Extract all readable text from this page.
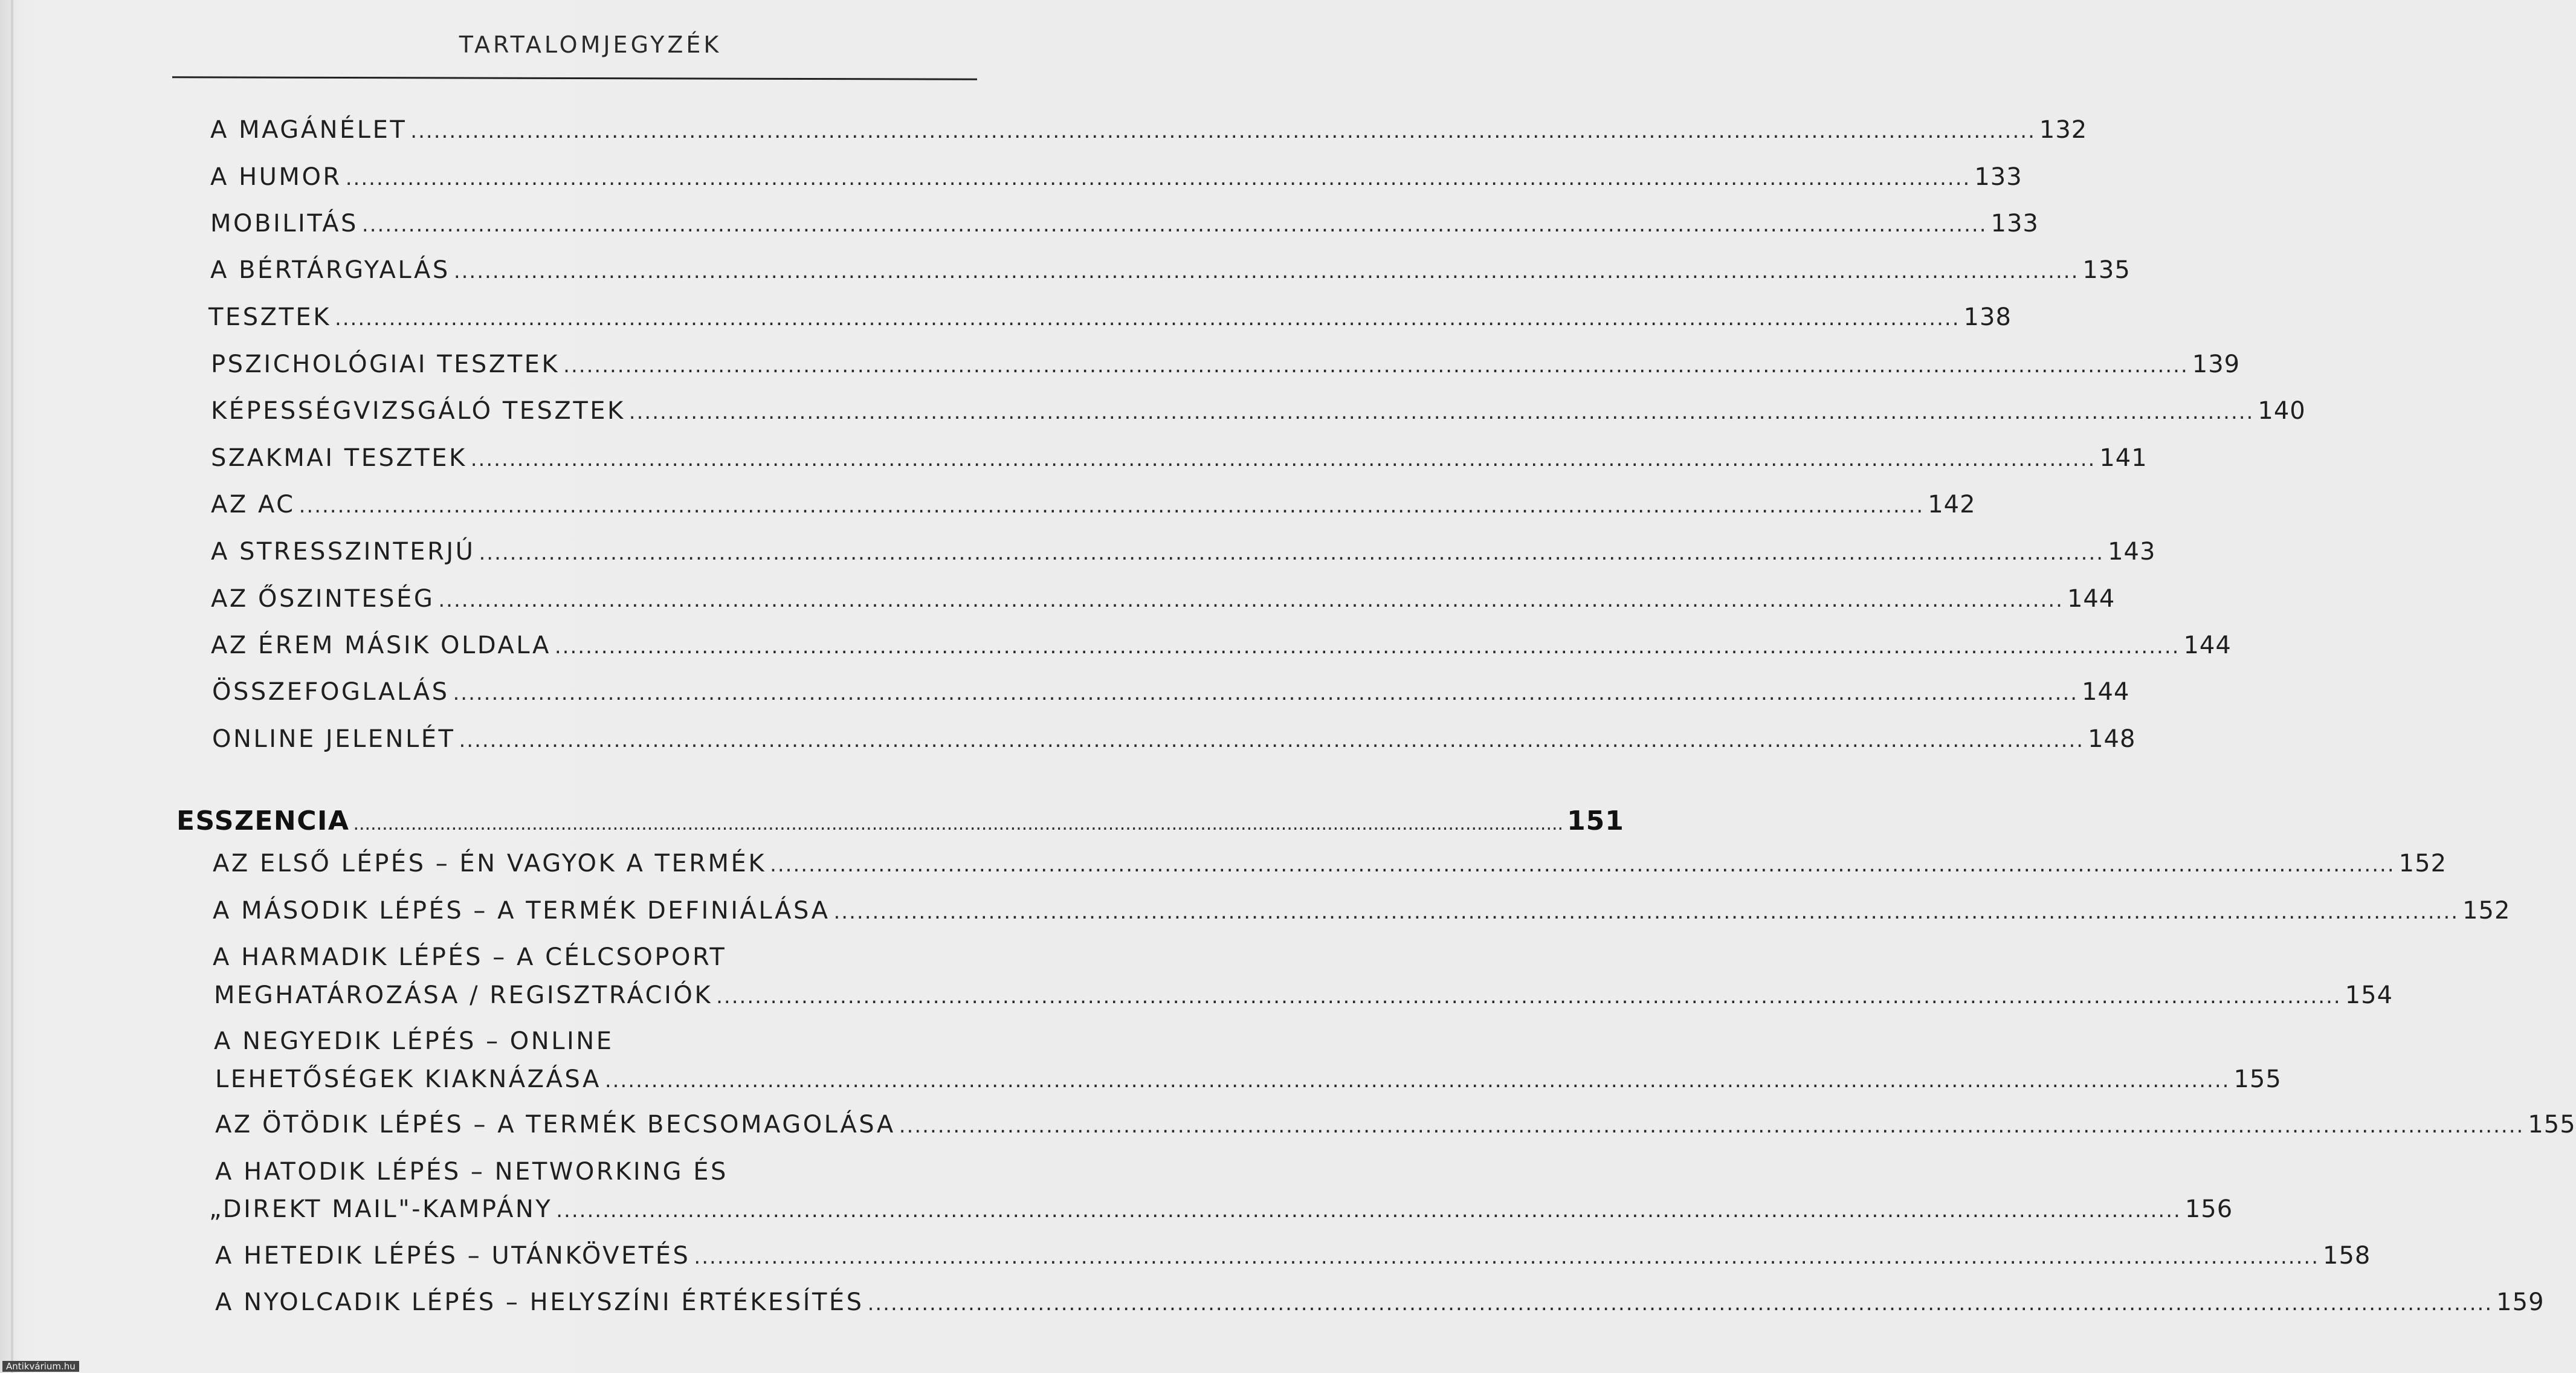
TARTALOMJEGYZÉK
A MAGÁNÉLET .................................................................................................................................................................................................................. 132
A HUMOR .................................................................................................................................................................................................................. 133
MOBILITÁS .................................................................................................................................................................................................................. 133
A BÉRTÁRGYALÁS .................................................................................................................................................................................................................. 135
TESZTEK .................................................................................................................................................................................................................. 138
PSZICHOLÓGIAI TESZTEK .................................................................................................................................................................................................................. 139
KÉPESSÉGVIZSGÁLÓ TESZTEK .................................................................................................................................................................................................................. 140
SZAKMAI TESZTEK .................................................................................................................................................................................................................. 141
AZ AC .................................................................................................................................................................................................................. 142
A STRESSZINTERJÚ .................................................................................................................................................................................................................. 143
AZ ŐSZINTESÉG .................................................................................................................................................................................................................. 144
AZ ÉREM MÁSIK OLDALA .................................................................................................................................................................................................................. 144
ÖSSZEFOGLALÁS .................................................................................................................................................................................................................. 144
ONLINE JELENLÉT .................................................................................................................................................................................................................. 148
ESSZENCIA .................................................................................................................................................................................................................. 151
AZ ELSŐ LÉPÉS – ÉN VAGYOK A TERMÉK .................................................................................................................................................................................................................. 152
A MÁSODIK LÉPÉS – A TERMÉK DEFINIÁLÁSA .................................................................................................................................................................................................................. 152
A HARMADIK LÉPÉS – A CÉLCSOPORT
MEGHATÁROZÁSA / REGISZTRÁCIÓK .................................................................................................................................................................................................................. 154
A NEGYEDIK LÉPÉS – ONLINE
LEHETŐSÉGEK KIAKNÁZÁSA .................................................................................................................................................................................................................. 155
AZ ÖTÖDIK LÉPÉS – A TERMÉK BECSOMAGOLÁSA .................................................................................................................................................................................................................. 155
A HATODIK LÉPÉS – NETWORKING ÉS
„DIREKT MAIL"-KAMPÁNY .................................................................................................................................................................................................................. 156
A HETEDIK LÉPÉS – UTÁNKÖVETÉS .................................................................................................................................................................................................................. 158
A NYOLCADIK LÉPÉS – HELYSZÍNI ÉRTÉKESÍTÉS .................................................................................................................................................................................................................. 159
Antikvárium.hu
